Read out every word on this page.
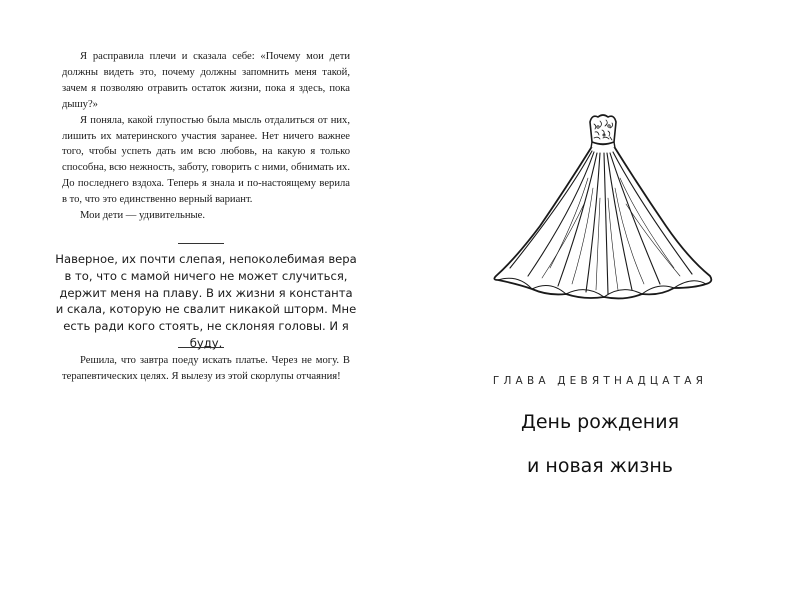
Я расправила плечи и сказала себе: «Почему мои дети должны видеть это, почему должны запомнить меня такой, зачем я позволяю отравить остаток жизни, пока я здесь, пока дышу?»

Я поняла, какой глупостью была мысль отдалиться от них, лишить их материнского участия заранее. Нет ничего важнее того, чтобы успеть дать им всю любовь, на какую я только способна, всю нежность, заботу, говорить с ними, обнимать их. До последнего вздоха. Теперь я знала и по-настоящему верила в то, что это единственно верный вариант.

Мои дети — удивительные.

Наверное, их почти слепая, непоколебимая вера в то, что с мамой ничего не может случиться, держит меня на плаву. В их жизни я константа и скала, которую не свалит никакой шторм. Мне есть ради кого стоять, не склоняя головы. И я буду.

Решила, что завтра поеду искать платье. Через не могу. В терапевтических целях. Я вылезу из этой скорлупы отчаяния!	ГЛАВА ДЕВЯТНАДЦАТАЯ

День рождения

и новая жизнь
